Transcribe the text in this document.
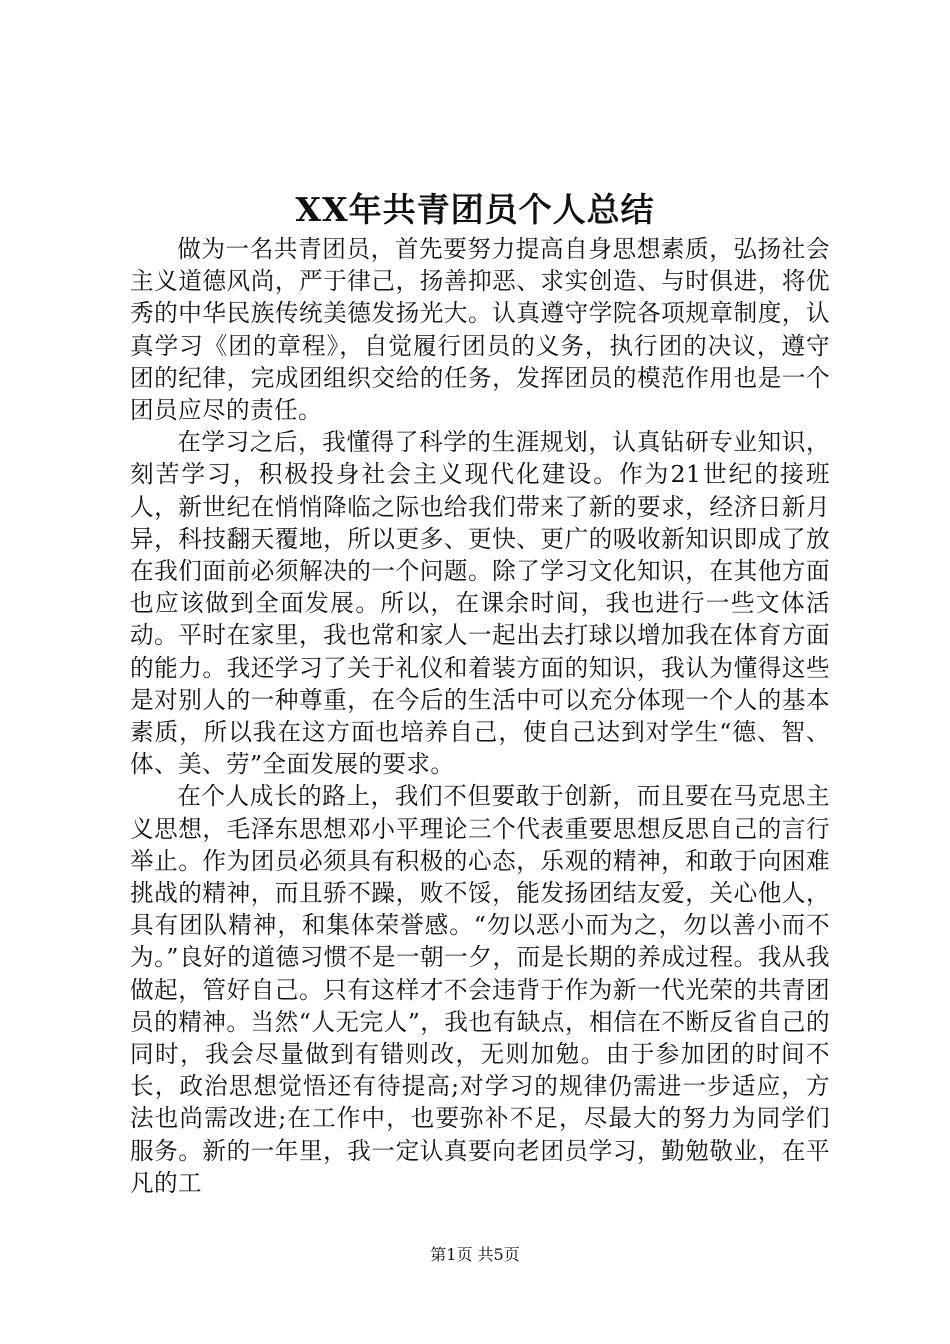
XX年共青团员个人总结

做为一名共青团员，首先要努力提高自身思想素质，弘扬社会主义道德风尚，严于律己，扬善抑恶、求实创造、与时俱进，将优秀的中华民族传统美德发扬光大。认真遵守学院各项规章制度，认真学习《团的章程》，自觉履行团员的义务，执行团的决议，遵守团的纪律，完成团组织交给的任务，发挥团员的模范作用也是一个团员应尽的责任。

在学习之后，我懂得了科学的生涯规划，认真钻研专业知识，刻苦学习，积极投身社会主义现代化建设。作为21世纪的接班人，新世纪在悄悄降临之际也给我们带来了新的要求，经济日新月异，科技翻天覆地，所以更多、更快、更广的吸收新知识即成了放在我们面前必须解决的一个问题。除了学习文化知识，在其他方面也应该做到全面发展。所以，在课余时间，我也进行一些文体活动。平时在家里，我也常和家人一起出去打球以增加我在体育方面的能力。我还学习了关于礼仪和着装方面的知识，我认为懂得这些是对别人的一种尊重，在今后的生活中可以充分体现一个人的基本素质，所以我在这方面也培养自己，使自己达到对学生“德、智、体、美、劳”全面发展的要求。

在个人成长的路上，我们不但要敢于创新，而且要在马克思主义思想，毛泽东思想邓小平理论三个代表重要思想反思自己的言行举止。作为团员必须具有积极的心态，乐观的精神，和敢于向困难挑战的精神，而且骄不躁，败不馁，能发扬团结友爱，关心他人，具有团队精神，和集体荣誉感。“勿以恶小而为之，勿以善小而不为。”良好的道德习惯不是一朝一夕，而是长期的养成过程。我从我做起，管好自己。只有这样才不会违背于作为新一代光荣的共青团员的精神。当然“人无完人”，我也有缺点，相信在不断反省自己的同时，我会尽量做到有错则改，无则加勉。由于参加团的时间不长，政治思想觉悟还有待提高;对学习的规律仍需进一步适应，方法也尚需改进;在工作中，也要弥补不足，尽最大的努力为同学们服务。新的一年里，我一定认真要向老团员学习，勤勉敬业，在平凡的工

第1页 共5页
